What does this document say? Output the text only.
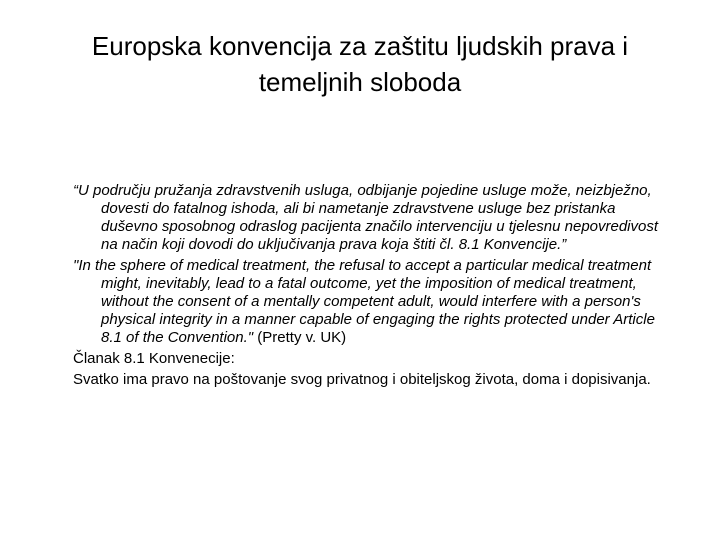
Europska konvencija za zaštitu ljudskih prava i temeljnih sloboda

“U području pružanja zdravstvenih usluga, odbijanje pojedine usluge može, neizbježno, dovesti do fatalnog ishoda, ali bi nametanje zdravstvene usluge bez pristanka duševno sposobnog odraslog pacijenta značilo intervenciju u tjelesnu nepovredivost na način koji dovodi do uključivanja prava koja štiti čl. 8.1 Konvencije.”

"In the sphere of medical treatment, the refusal to accept a particular medical treatment might, inevitably, lead to a fatal outcome, yet the imposition of medical treatment, without the consent of a mentally competent adult, would interfere with a person's physical integrity in a manner capable of engaging the rights protected under Article 8.1 of the Convention." (Pretty v. UK)

Članak 8.1 Konvenecije:

Svatko ima pravo na poštovanje svog privatnog i obiteljskog života, doma i dopisivanja.
